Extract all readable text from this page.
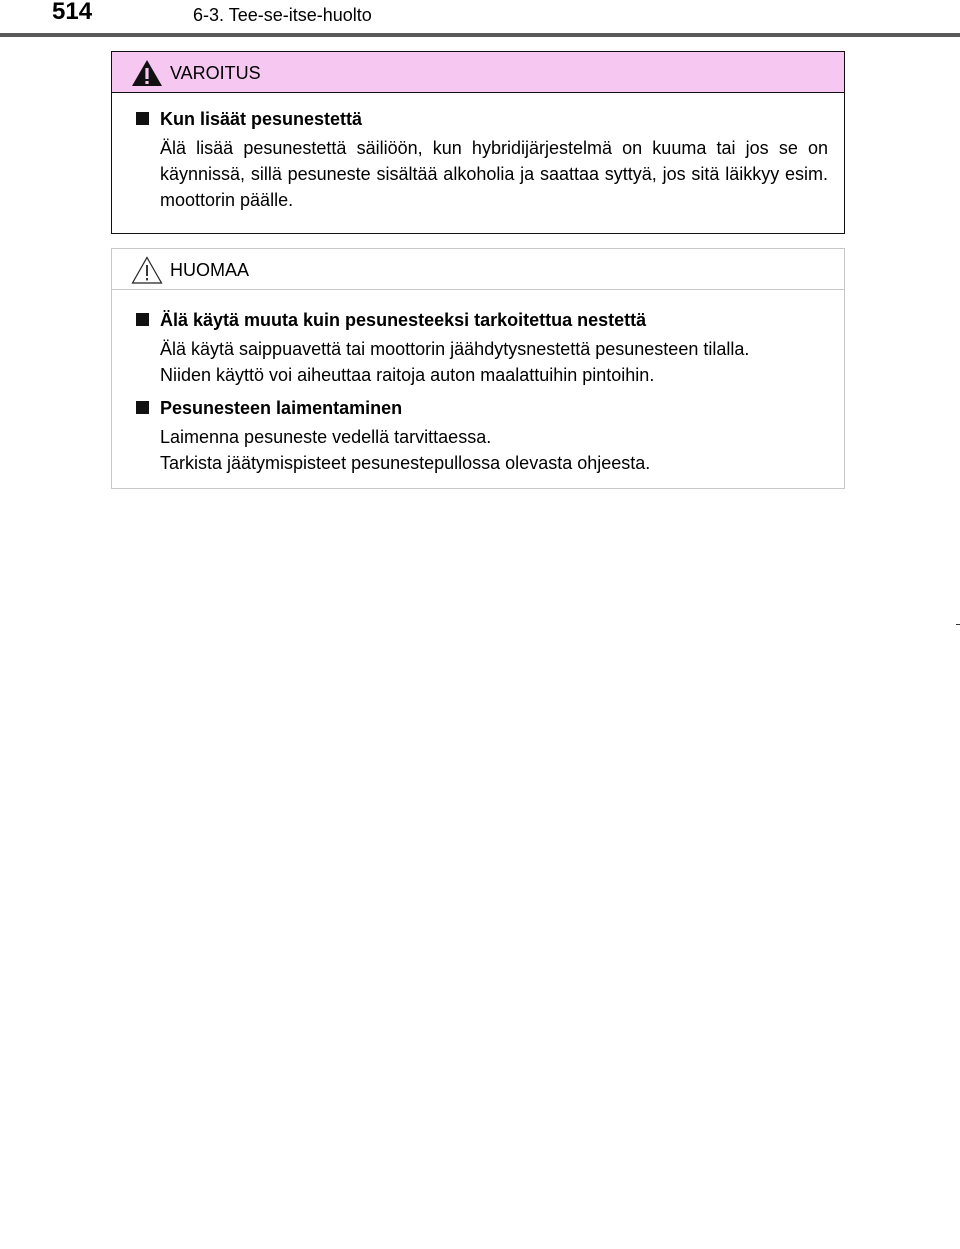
514	6-3. Tee-se-itse-huolto
VAROITUS
Kun lisäät pesunestettä
Älä lisää pesunestettä säiliöön, kun hybridijärjestelmä on kuuma tai jos se on käynnissä, sillä pesuneste sisältää alkoholia ja saattaa syttyä, jos sitä läikkyy esim. moottorin päälle.
HUOMAA
Älä käytä muuta kuin pesunesteeksi tarkoitettua nestettä
Älä käytä saippuavettä tai moottorin jäähdytysnestettä pesunesteen tilalla.
Niiden käyttö voi aiheuttaa raitoja auton maalattuihin pintoihin.
Pesunesteen laimentaminen
Laimenna pesuneste vedellä tarvittaessa.
Tarkista jäätymispisteet pesunestepullossa olevasta ohjeesta.
